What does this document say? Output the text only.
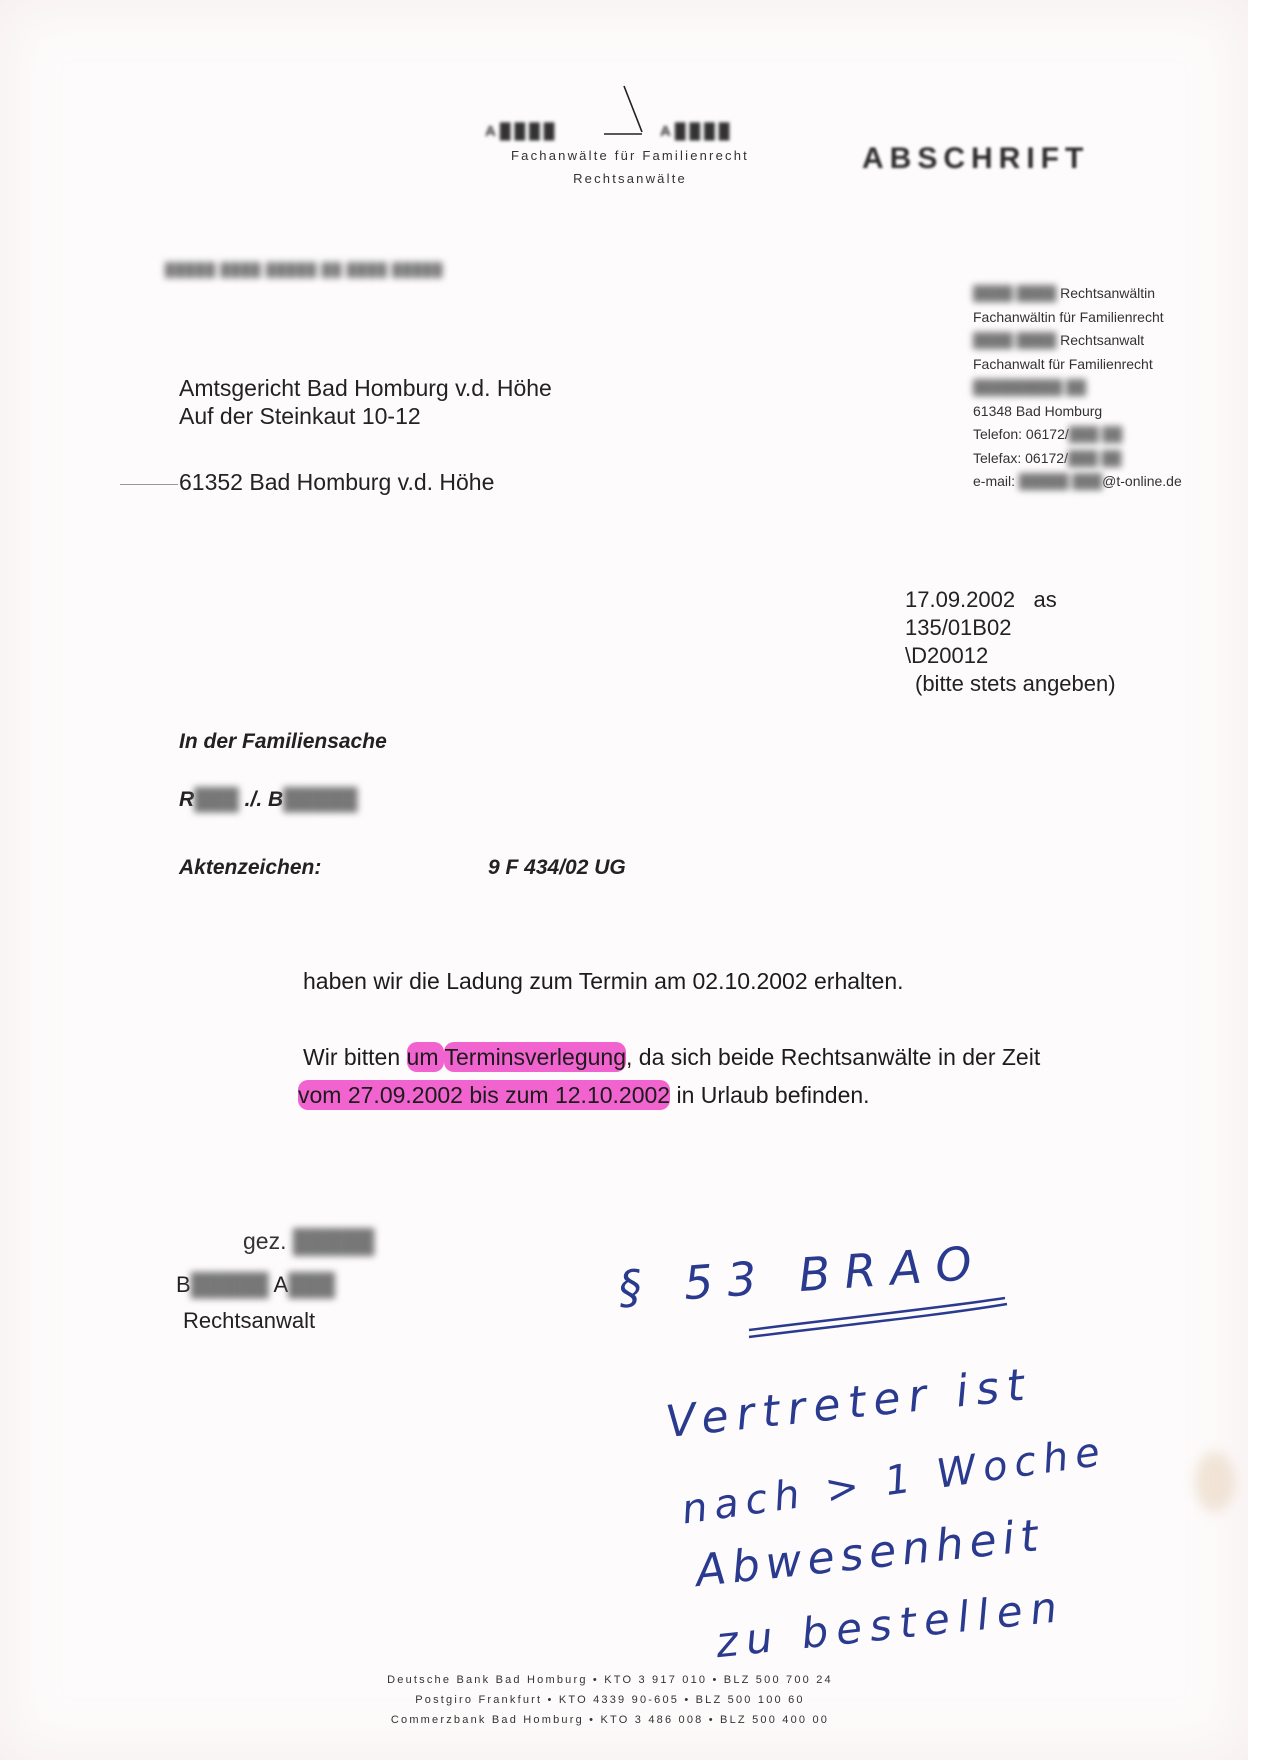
A████	A████
Fachanwälte für Familienrecht
Rechtsanwälte
ABSCHRIFT
█████ ████ █████ ██ ████ █████
████ ████ Rechtsanwältin
Fachanwältin für Familienrecht
████ ████ Rechtsanwalt
Fachanwalt für Familienrecht
█████████ ██
61348 Bad Homburg
Telefon: 06172/███ ██
Telefax: 06172/███ ██
e-mail: █████ ███@t-online.de
Amtsgericht Bad Homburg v.d. Höhe
Auf der Steinkaut 10-12
61352 Bad Homburg v.d. Höhe
17.09.2002 as
135/01B02
\D20012
(bitte stets angeben)
In der Familiensache
R███ ./. B█████
Aktenzeichen:	9 F 434/02 UG
haben wir die Ladung zum Termin am 02.10.2002 erhalten.
Wir bitten um Terminsverlegung, da sich beide Rechtsanwälte in der Zeit
vom 27.09.2002 bis zum 12.10.2002 in Urlaub befinden.
gez. █████
B█████ A███
Rechtsanwalt
§ 53 BRAO
Vertreter ist
nach > 1 Woche
Abwesenheit
zu bestellen
Deutsche Bank Bad Homburg • KTO 3 917 010 • BLZ 500 700 24
Postgiro Frankfurt • KTO 4339 90-605 • BLZ 500 100 60
Commerzbank Bad Homburg • KTO 3 486 008 • BLZ 500 400 00
